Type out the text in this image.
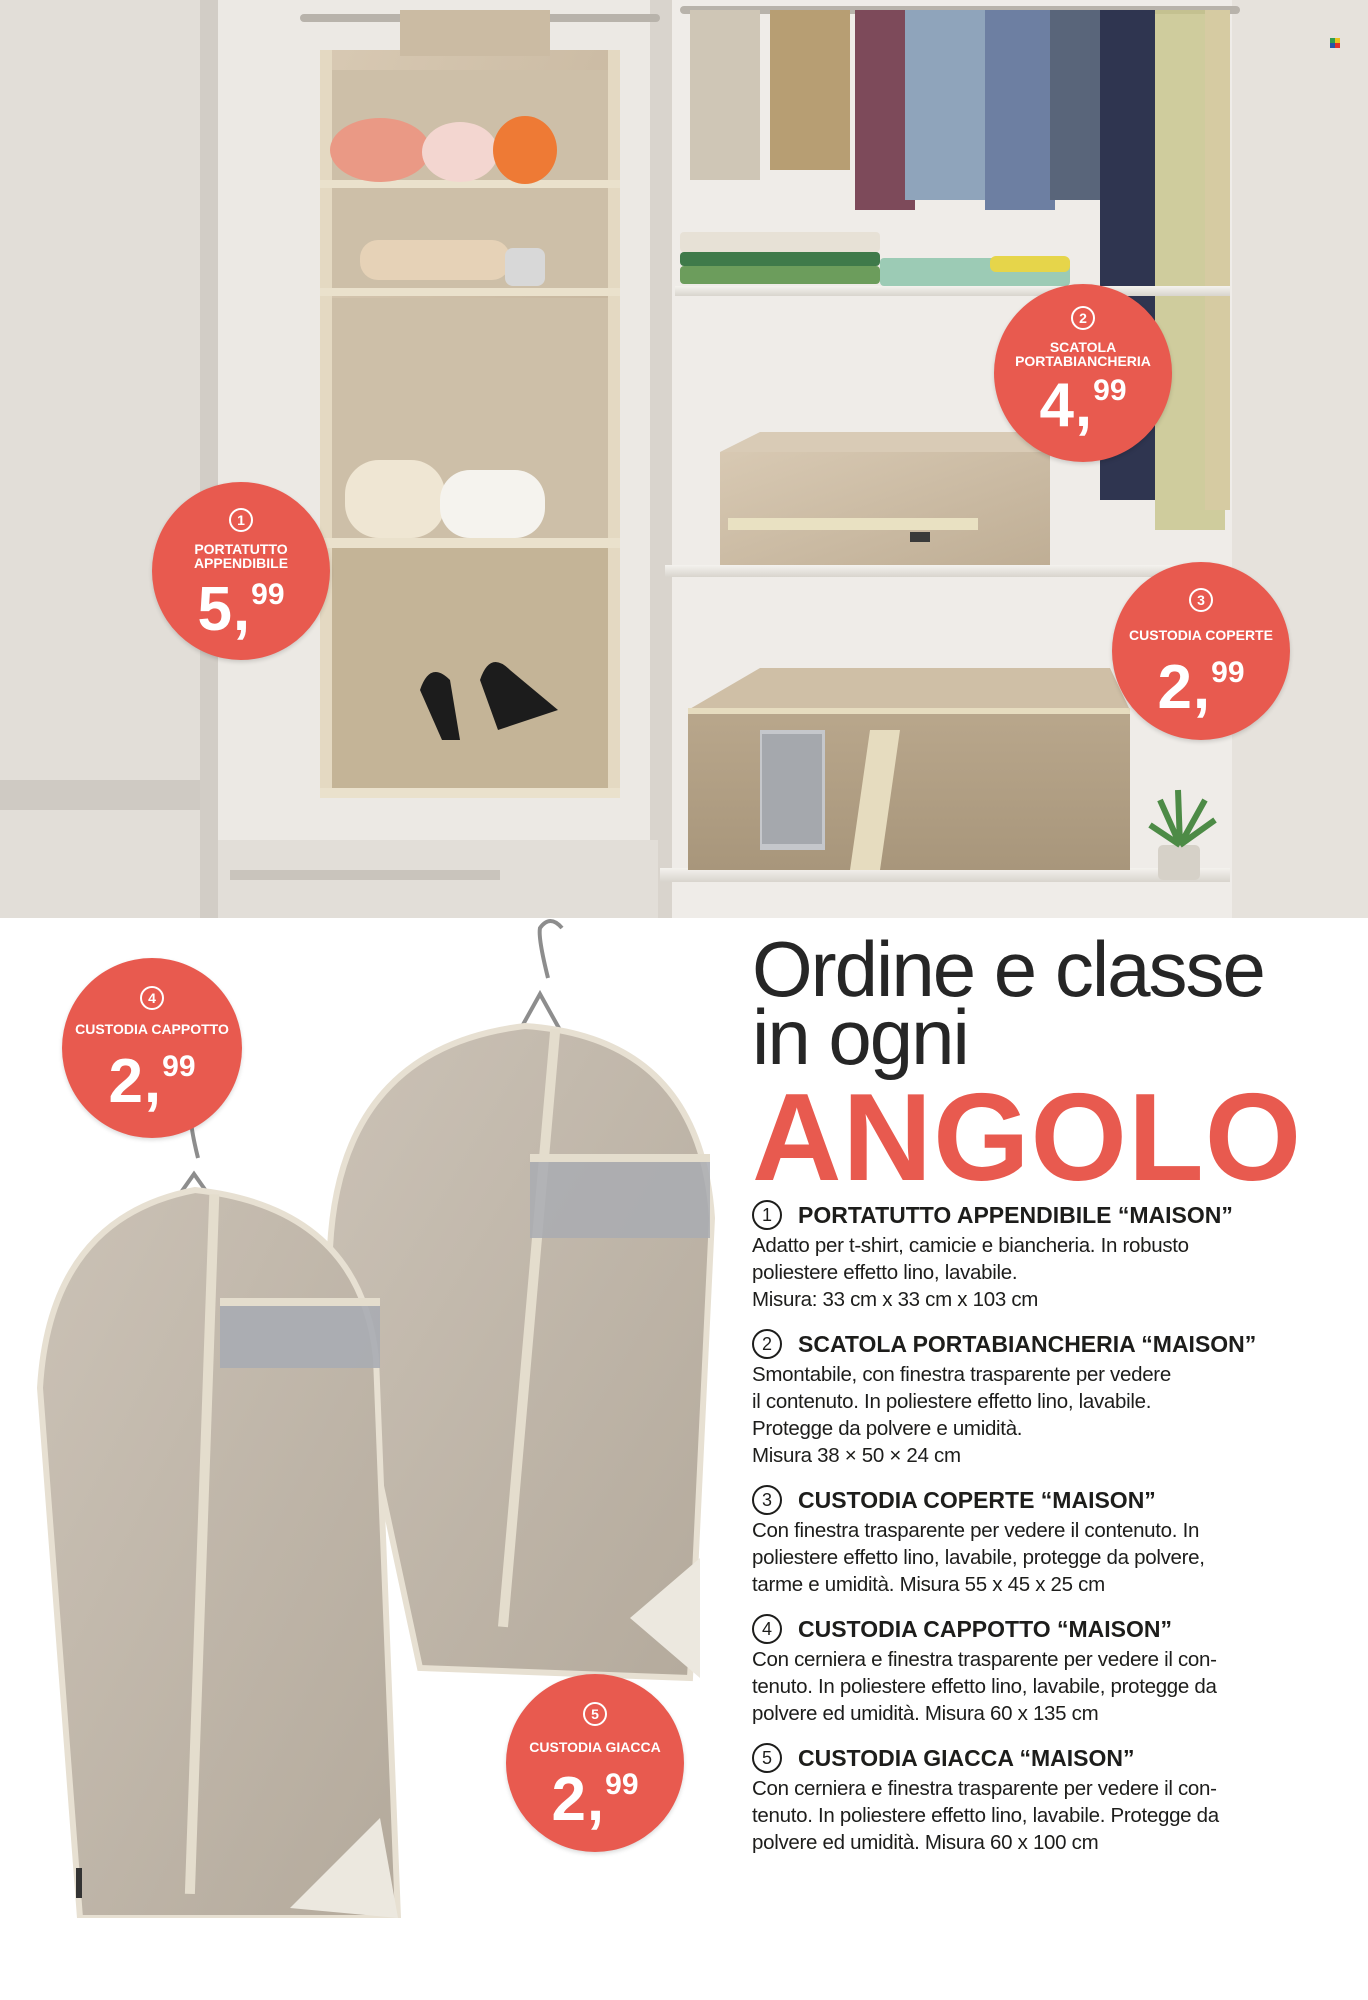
1
PORTATUTTO APPENDIBILE
5,99
2
SCATOLA PORTABIANCHERIA
4,99
3
CUSTODIA COPERTE
2,99
4
CUSTODIA CAPPOTTO
2,99
5
CUSTODIA GIACCA
2,99
Ordine e classe
in ogni
ANGOLO
1	PORTATUTTO APPENDIBILE “MAISON”
Adatto per t-shirt, camicie e biancheria. In robusto
poliestere effetto lino, lavabile.
Misura: 33 cm x 33 cm x 103 cm
2	SCATOLA PORTABIANCHERIA “MAISON”
Smontabile, con finestra trasparente per vedere
il contenuto. In poliestere effetto lino, lavabile.
Protegge da polvere e umidità.
Misura 38 × 50 × 24 cm
3	CUSTODIA COPERTE “MAISON”
Con finestra trasparente per vedere il contenuto. In
poliestere effetto lino, lavabile, protegge da polvere,
tarme e umidità. Misura 55 x 45 x 25 cm
4	CUSTODIA CAPPOTTO “MAISON”
Con cerniera e finestra trasparente per vedere il con-
tenuto. In poliestere effetto lino, lavabile, protegge da
polvere ed umidità. Misura 60 x 135 cm
5	CUSTODIA GIACCA “MAISON”
Con cerniera e finestra trasparente per vedere il con-
tenuto. In poliestere effetto lino, lavabile. Protegge da
polvere ed umidità. Misura 60 x 100 cm
